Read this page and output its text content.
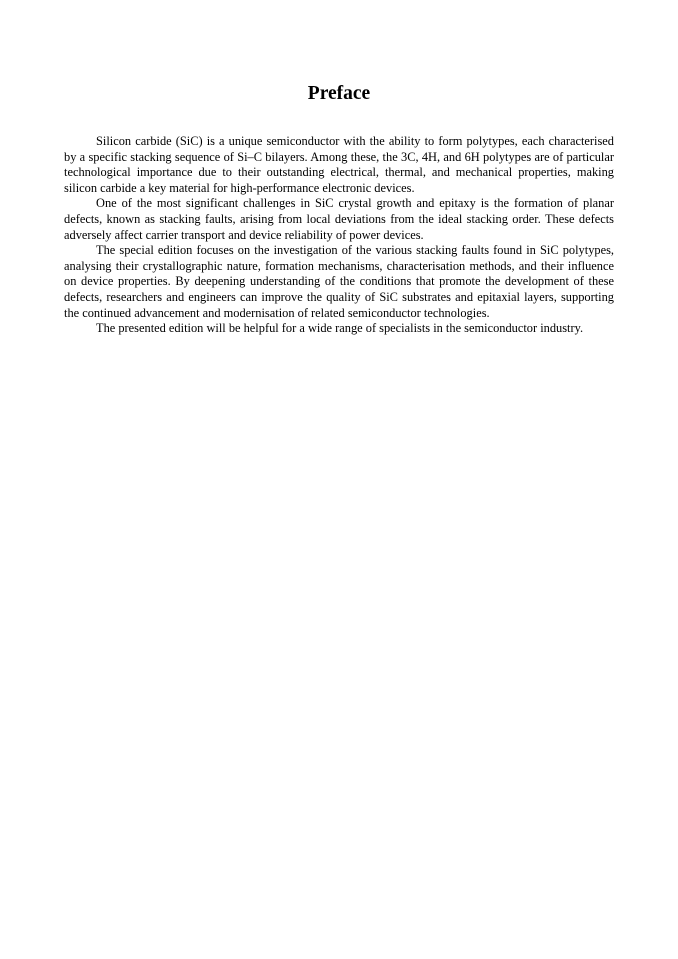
Preface

Silicon carbide (SiC) is a unique semiconductor with the ability to form polytypes, each characterised by a specific stacking sequence of Si–C bilayers. Among these, the 3C, 4H, and 6H polytypes are of particular technological importance due to their outstanding electrical, thermal, and mechanical properties, making silicon carbide a key material for high-performance electronic devices.

One of the most significant challenges in SiC crystal growth and epitaxy is the formation of planar defects, known as stacking faults, arising from local deviations from the ideal stacking order. These defects adversely affect carrier transport and device reliability of power devices.

The special edition focuses on the investigation of the various stacking faults found in SiC polytypes, analysing their crystallographic nature, formation mechanisms, characterisation methods, and their influence on device properties. By deepening understanding of the conditions that promote the development of these defects, researchers and engineers can improve the quality of SiC substrates and epitaxial layers, supporting the continued advancement and modernisation of related semiconductor technologies.

The presented edition will be helpful for a wide range of specialists in the semiconductor industry.
